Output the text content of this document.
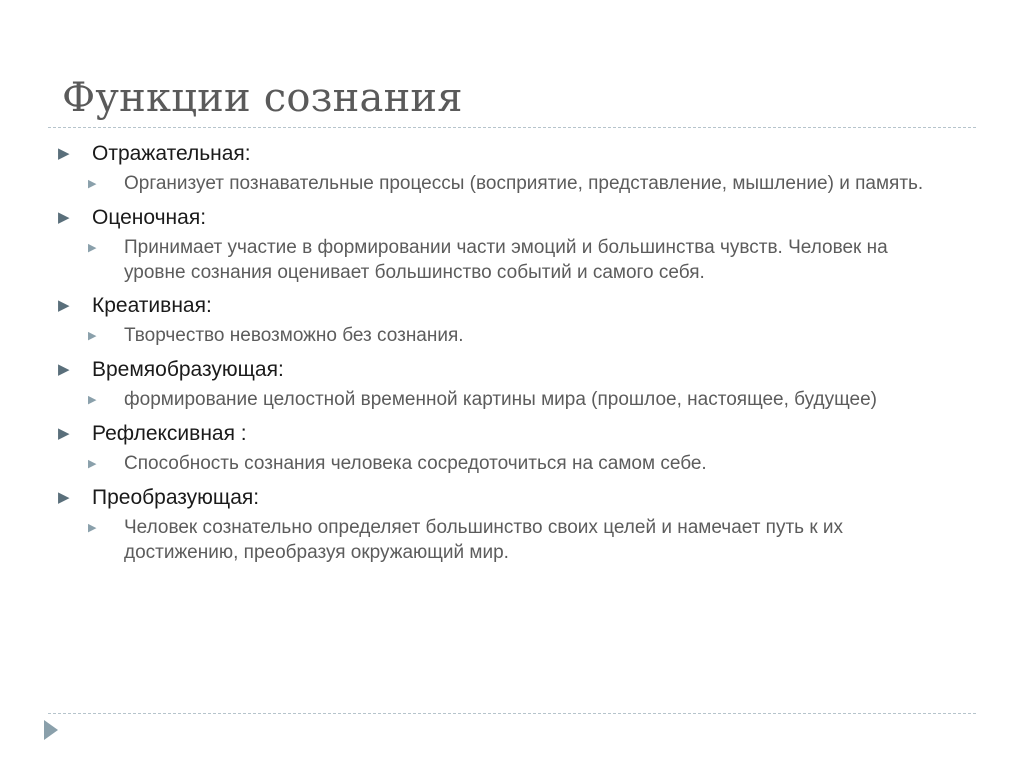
Функции сознания
▶	Отражательная:
▶	Организует познавательные процессы (восприятие, представление, мышление) и память.
▶	Оценочная:
▶	Принимает участие в формировании части эмоций и большинства чувств. Человек на уровне сознания оценивает большинство событий и самого себя.
▶	Креативная:
▶	Творчество невозможно без сознания.
▶	Времяобразующая:
▶	формирование целостной временной картины мира (прошлое, настоящее, будущее)
▶	Рефлексивная :
▶	Способность сознания человека сосредоточиться на самом себе.
▶	Преобразующая:
▶	Человек сознательно определяет большинство своих целей и намечает путь к их достижению, преобразуя окружающий мир.
